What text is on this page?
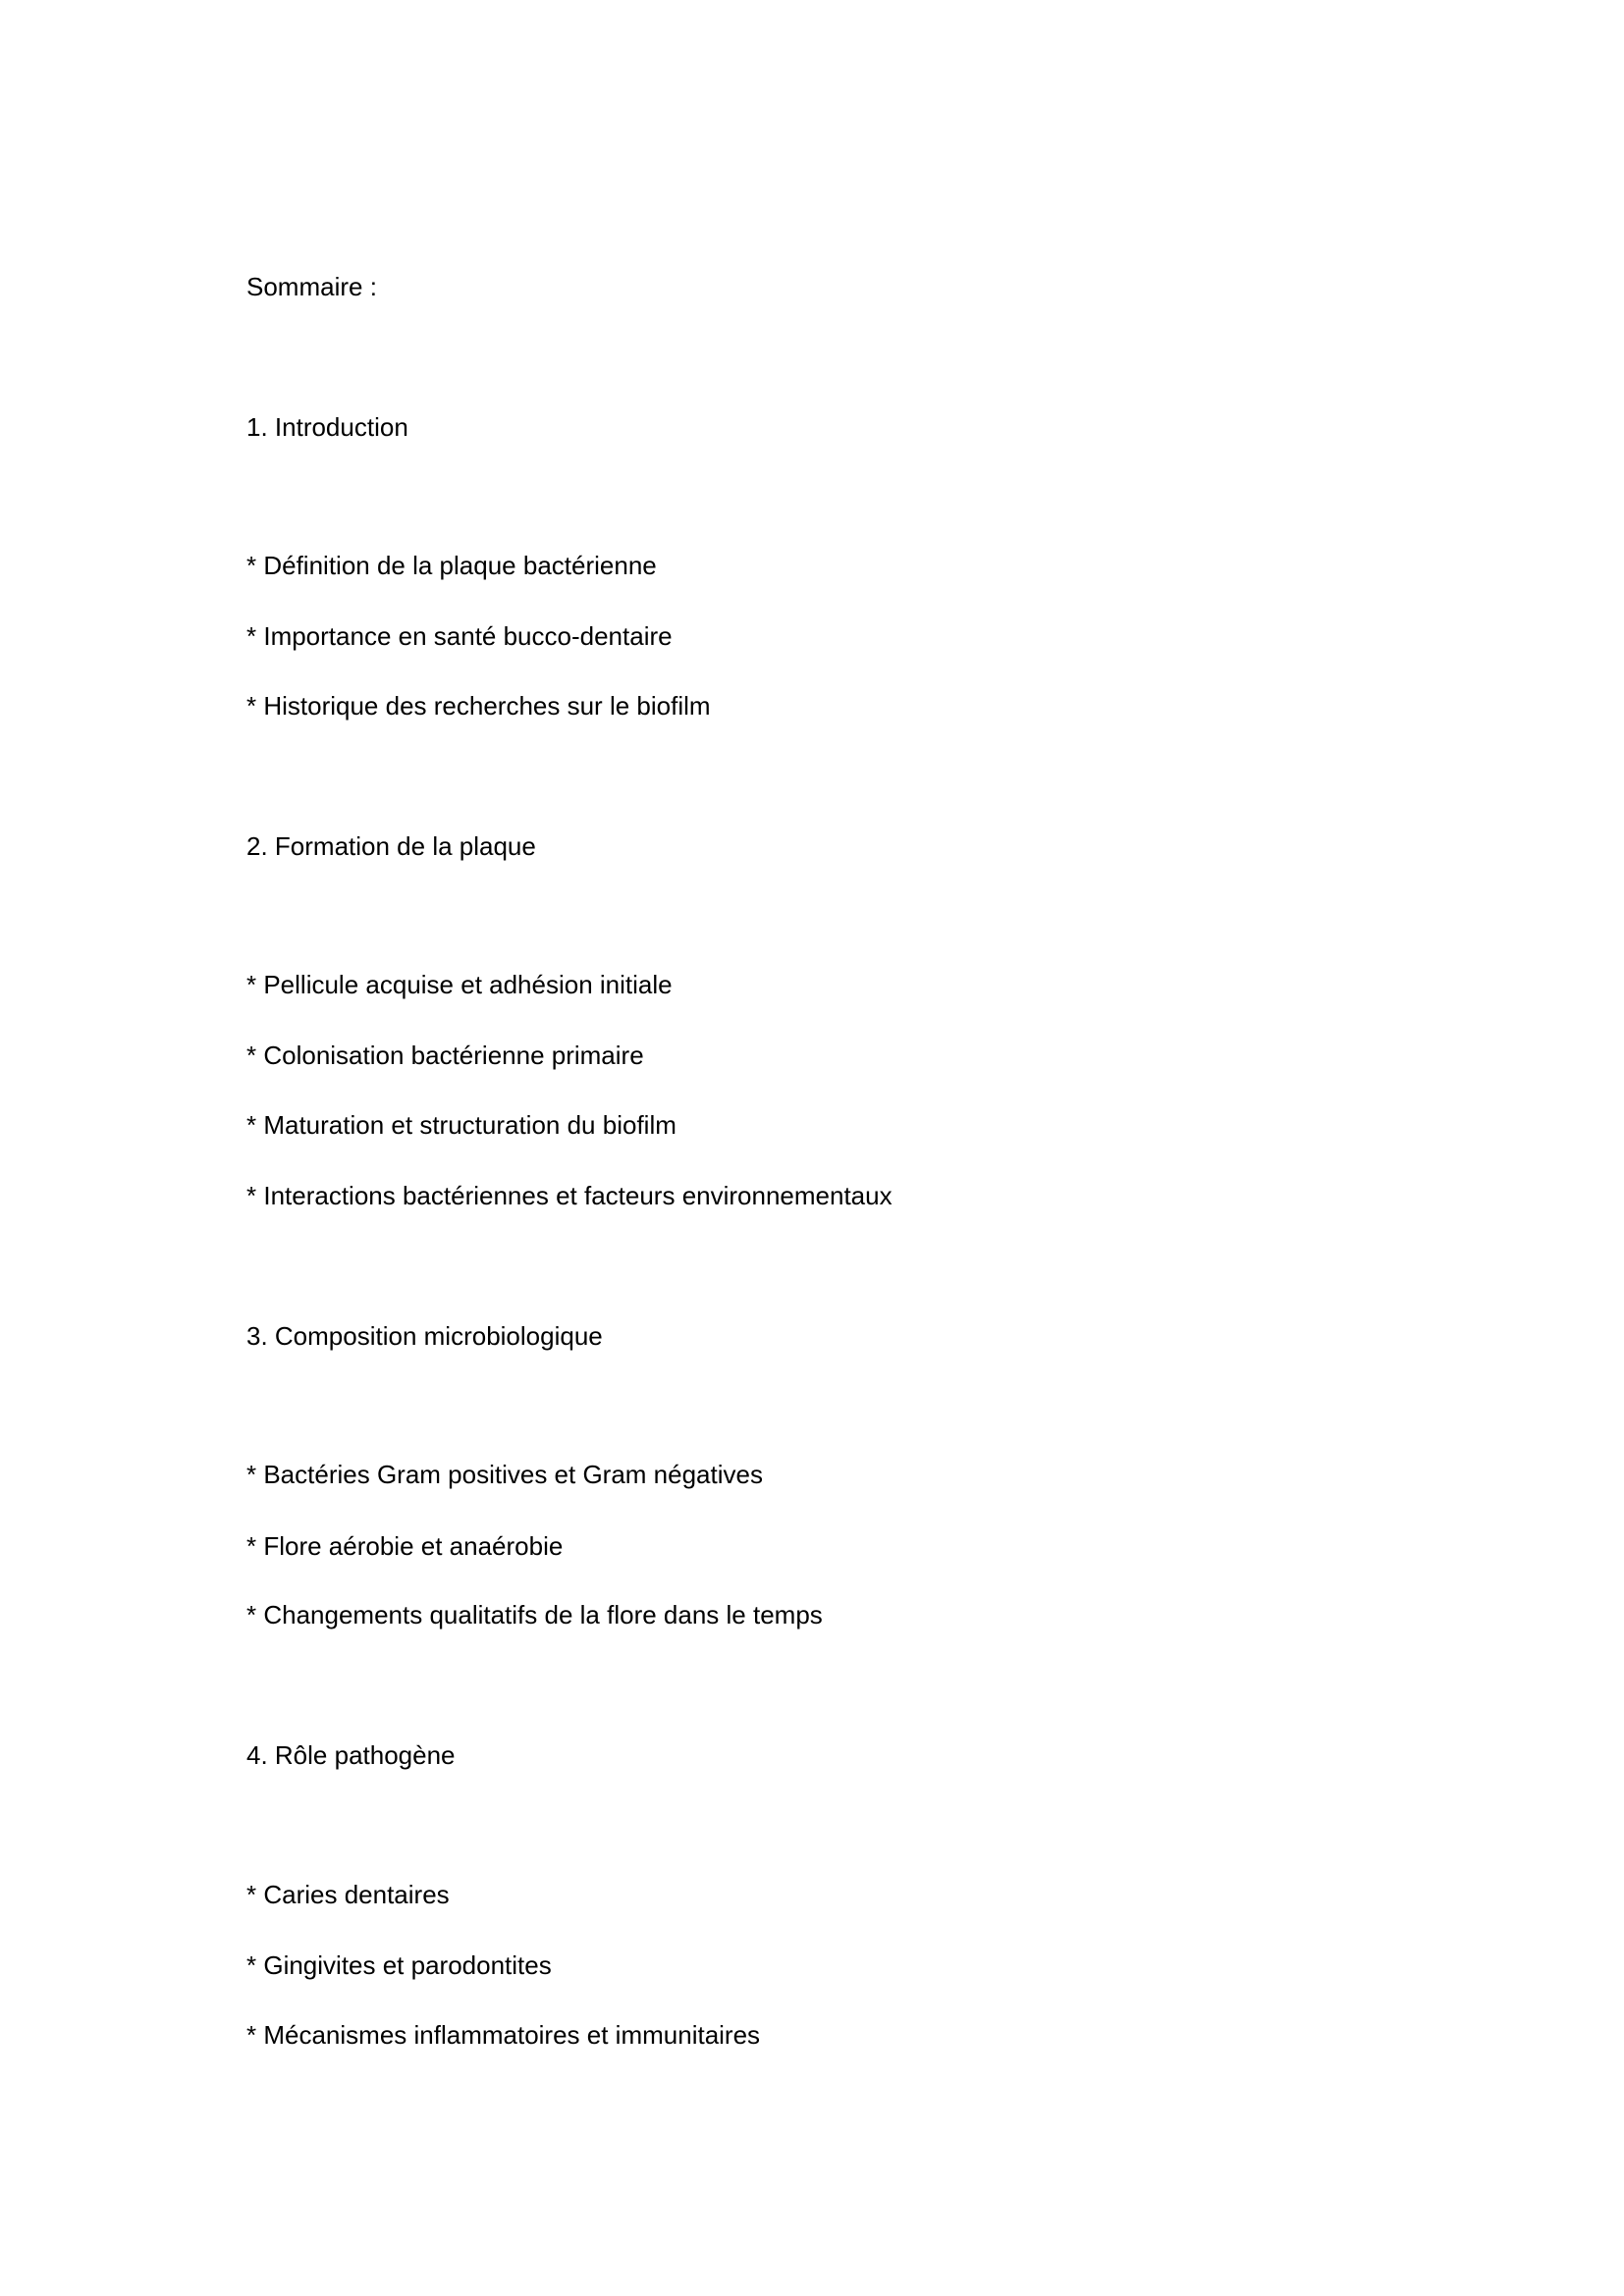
Sommaire :
1. Introduction
* Définition de la plaque bactérienne
* Importance en santé bucco-dentaire
* Historique des recherches sur le biofilm
2. Formation de la plaque
* Pellicule acquise et adhésion initiale
* Colonisation bactérienne primaire
* Maturation et structuration du biofilm
* Interactions bactériennes et facteurs environnementaux
3. Composition microbiologique
* Bactéries Gram positives et Gram négatives
* Flore aérobie et anaérobie
* Changements qualitatifs de la flore dans le temps
4. Rôle pathogène
* Caries dentaires
* Gingivites et parodontites
* Mécanismes inflammatoires et immunitaires
